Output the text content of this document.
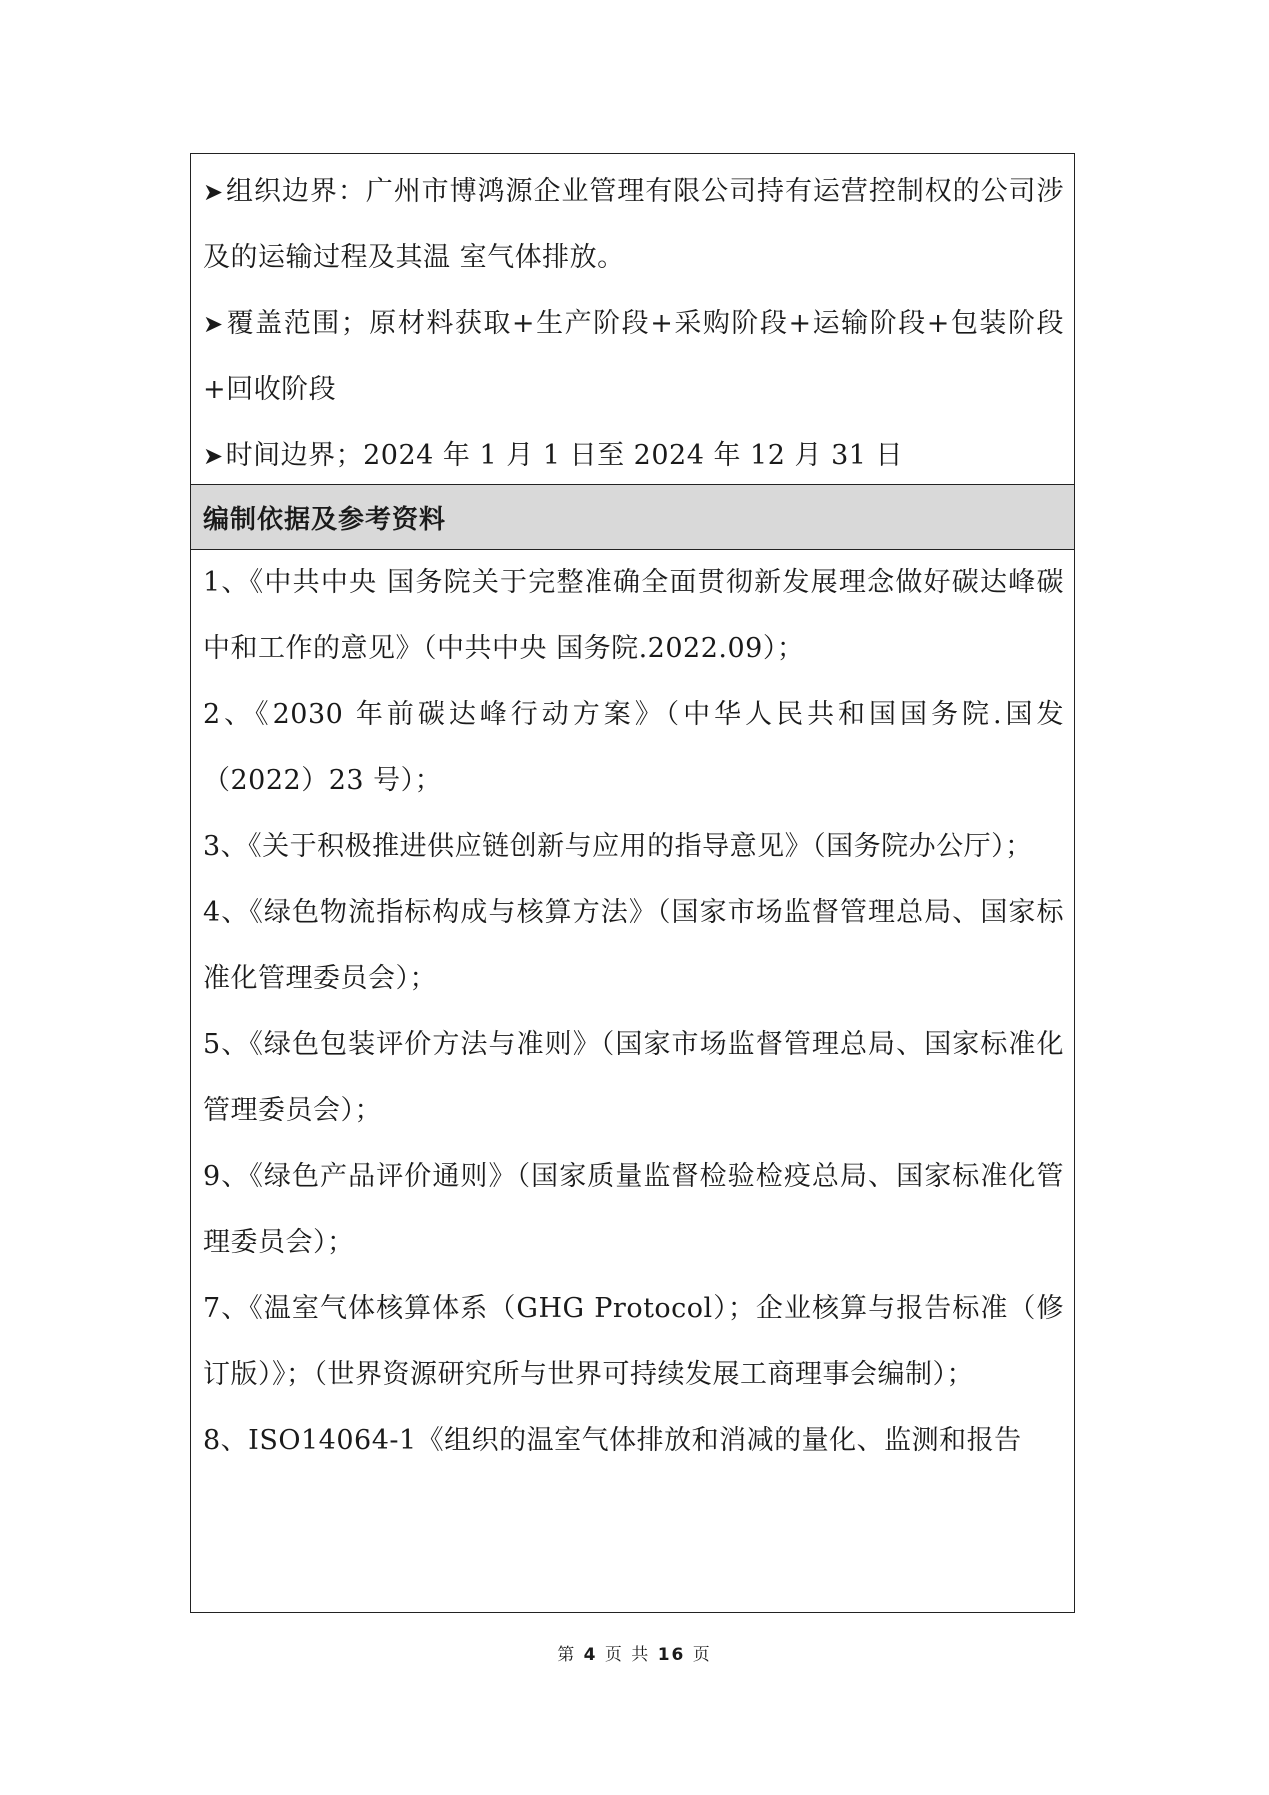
➤组织边界：广州市博鸿源企业管理有限公司持有运营控制权的公司涉及的运输过程及其温 室气体排放。

➤覆盖范围；原材料获取+生产阶段+采购阶段+运输阶段+包装阶段+回收阶段

➤时间边界；2024 年 1 月 1 日至 2024 年 12 月 31 日

编制依据及参考资料

1、《中共中央 国务院关于完整准确全面贯彻新发展理念做好碳达峰碳中和工作的意见》（中共中央 国务院.2022.09）；

2、《2030 年前碳达峰行动方案》（中华人民共和国国务院.国发（2022）23 号）；

3、《关于积极推进供应链创新与应用的指导意见》（国务院办公厅）；

4、《绿色物流指标构成与核算方法》（国家市场监督管理总局、国家标准化管理委员会）；

5、《绿色包装评价方法与准则》（国家市场监督管理总局、国家标准化管理委员会）；

9、《绿色产品评价通则》（国家质量监督检验检疫总局、国家标准化管理委员会）；

7、《温室气体核算体系（GHG Protocol）；企业核算与报告标准（修订版）》；（世界资源研究所与世界可持续发展工商理事会编制）；

8、ISO14064-1《组织的温室气体排放和消减的量化、监测和报告

第 4 页 共 16 页
